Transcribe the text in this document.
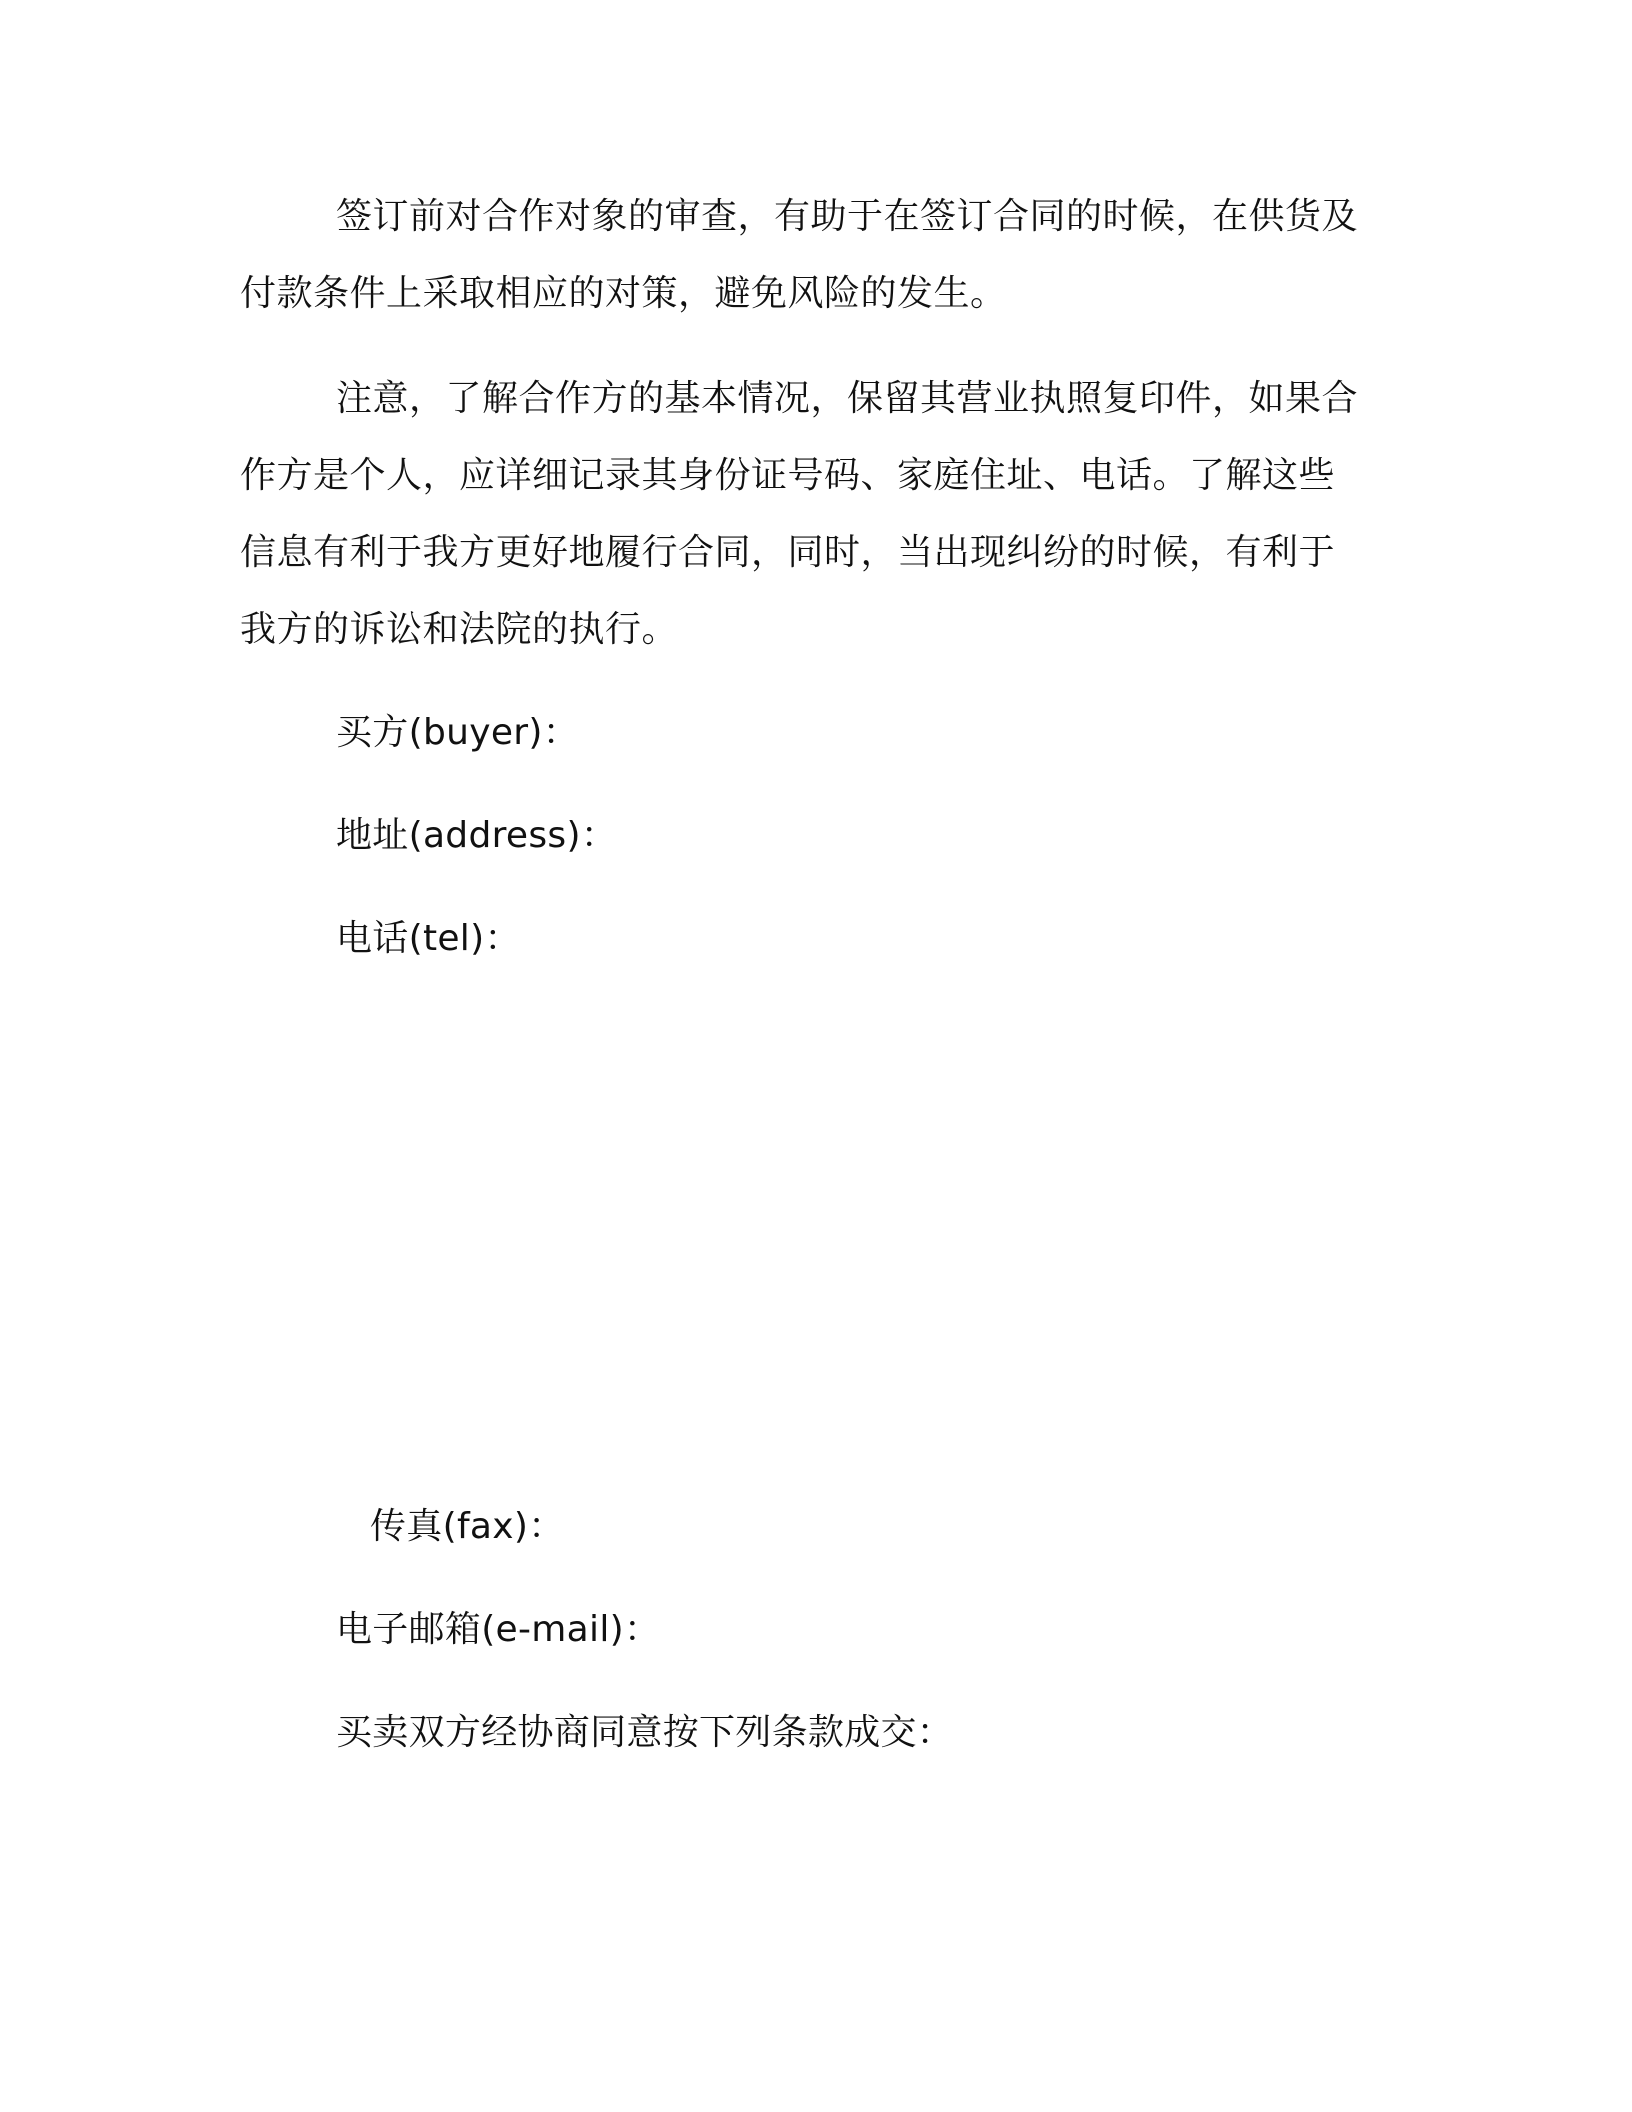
签订前对合作对象的审查，有助于在签订合同的时候，在供货及付款条件上采取相应的对策，避免风险的发生。

注意，了解合作方的基本情况，保留其营业执照复印件，如果合作方是个人，应详细记录其身份证号码、家庭住址、电话。了解这些信息有利于我方更好地履行合同，同时，当出现纠纷的时候，有利于我方的诉讼和法院的执行。

买方(buyer)：

地址(address)：

电话(tel)：

传真(fax)：

电子邮箱(e-mail)：

买卖双方经协商同意按下列条款成交：
